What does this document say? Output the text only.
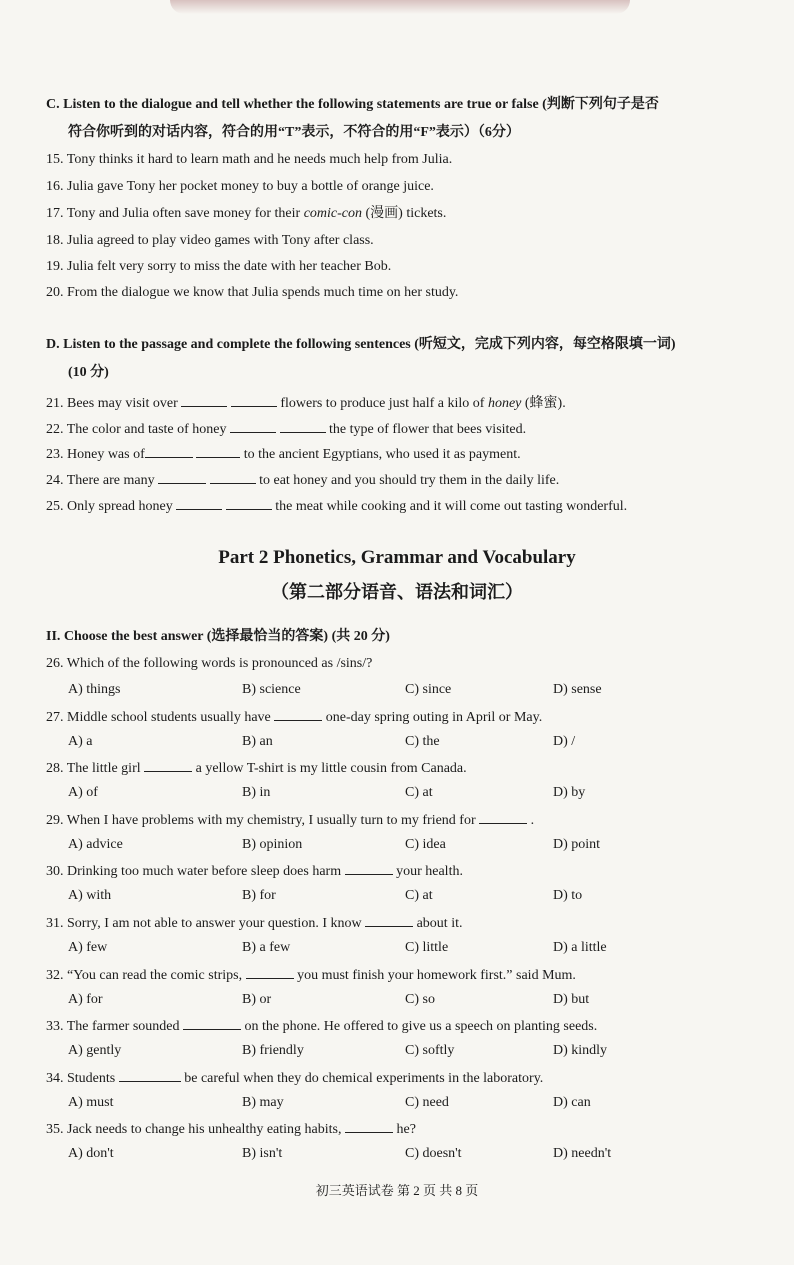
C. Listen to the dialogue and tell whether the following statements are true or false (判断下列句子是否
符合你听到的对话内容，符合的用“T”表示，不符合的用“F”表示）（6分）
15. Tony thinks it hard to learn math and he needs much help from Julia.
16. Julia gave Tony her pocket money to buy a bottle of orange juice.
17. Tony and Julia often save money for their comic-con (漫画) tickets.
18. Julia agreed to play video games with Tony after class.
19. Julia felt very sorry to miss the date with her teacher Bob.
20. From the dialogue we know that Julia spends much time on her study.
D. Listen to the passage and complete the following sentences (听短文，完成下列内容，每空格限填一词)
(10 分)
21. Bees may visit over	flowers to produce just half a kilo of honey (蜂蜜).
22. The color and taste of honey	the type of flower that bees visited.
23. Honey was of	to the ancient Egyptians, who used it as payment.
24. There are many	to eat honey and you should try them in the daily life.
25. Only spread honey	the meat while cooking and it will come out tasting wonderful.
Part 2 Phonetics, Grammar and Vocabulary
（第二部分语音、语法和词汇）
II. Choose the best answer (选择最恰当的答案) (共 20 分)
26. Which of the following words is pronounced as /sins/?
A) things	B) science	C) since	D) sense
27. Middle school students usually have	one-day spring outing in April or May.
A) a	B) an	C) the	D) /
28. The little girl	a yellow T-shirt is my little cousin from Canada.
A) of	B) in	C) at	D) by
29. When I have problems with my chemistry, I usually turn to my friend for	.
A) advice	B) opinion	C) idea	D) point
30. Drinking too much water before sleep does harm	your health.
A) with	B) for	C) at	D) to
31. Sorry, I am not able to answer your question. I know	about it.
A) few	B) a few	C) little	D) a little
32. “You can read the comic strips,	you must finish your homework first.” said Mum.
A) for	B) or	C) so	D) but
33. The farmer sounded	on the phone. He offered to give us a speech on planting seeds.
A) gently	B) friendly	C) softly	D) kindly
34. Students	be careful when they do chemical experiments in the laboratory.
A) must	B) may	C) need	D) can
35. Jack needs to change his unhealthy eating habits,	he?
A) don't	B) isn't	C) doesn't	D) needn't
初三英语试卷 第 2 页 共 8 页
